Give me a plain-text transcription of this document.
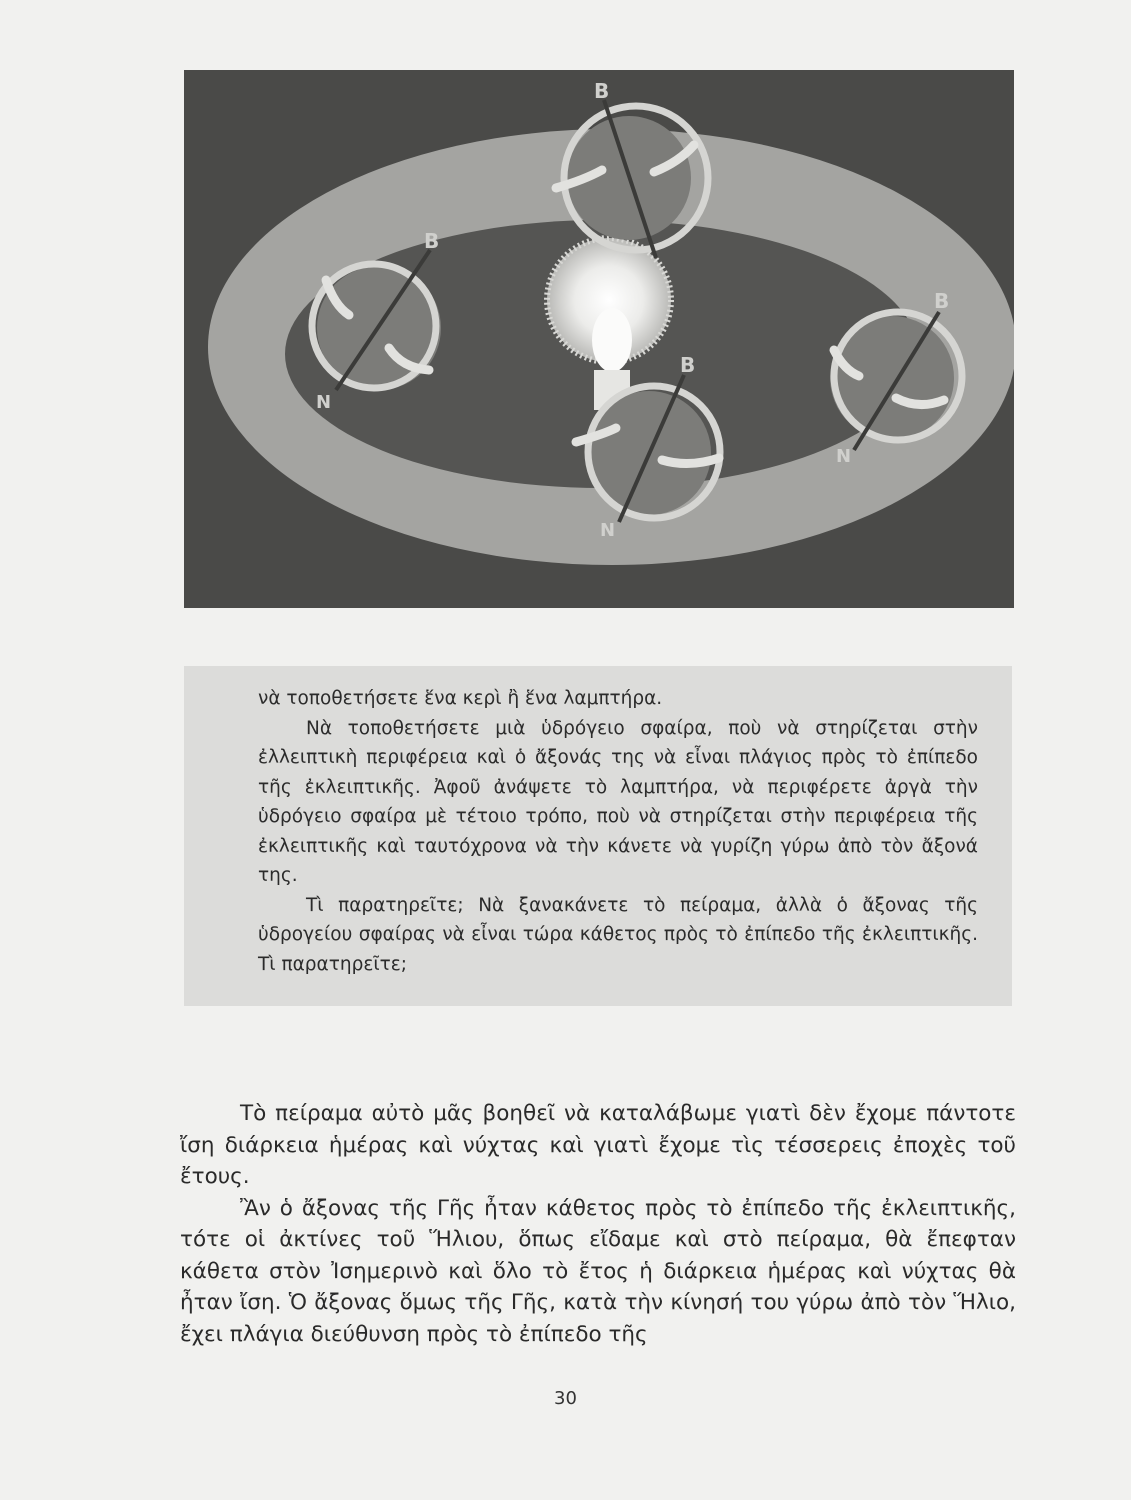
B
B
N
B
N
B
N

νὰ τοποθετήσετε ἕνα κερὶ ἢ ἕνα λαμπτήρα.

Νὰ τοποθετήσετε μιὰ ὑδρόγειο σφαίρα, ποὺ νὰ στηρίζεται στὴν ἐλλειπτικὴ περιφέρεια καὶ ὁ ἄξονάς της νὰ εἶναι πλάγιος πρὸς τὸ ἐπίπεδο τῆς ἐκλειπτικῆς. Ἀφοῦ ἀνάψετε τὸ λαμπτήρα, νὰ περιφέρετε ἀργὰ τὴν ὑδρόγειο σφαίρα μὲ τέτοιο τρόπο, ποὺ νὰ στηρίζεται στὴν περιφέρεια τῆς ἐκλειπτικῆς καὶ ταυτόχρονα νὰ τὴν κάνετε νὰ γυρίζη γύρω ἀπὸ τὸν ἄξονά της.

Τὶ παρατηρεῖτε; Νὰ ξανακάνετε τὸ πείραμα, ἀλλὰ ὁ ἄξονας τῆς ὑδρογείου σφαίρας νὰ εἶναι τώρα κάθετος πρὸς τὸ ἐπίπεδο τῆς ἐκλειπτικῆς. Τὶ παρατηρεῖτε;

Τὸ πείραμα αὐτὸ μᾶς βοηθεῖ νὰ καταλάβωμε γιατὶ δὲν ἔχομε πάντοτε ἴση διάρκεια ἡμέρας καὶ νύχτας καὶ γιατὶ ἔχομε τὶς τέσσερεις ἐποχὲς τοῦ ἔτους.

Ἂν ὁ ἄξονας τῆς Γῆς ἦταν κάθετος πρὸς τὸ ἐπίπεδο τῆς ἐκλειπτικῆς, τότε οἱ ἀκτίνες τοῦ Ἥλιου, ὅπως εἴδαμε καὶ στὸ πείραμα, θὰ ἔπεφταν κάθετα στὸν Ἰσημερινὸ καὶ ὅλο τὸ ἔτος ἡ διάρκεια ἡμέρας καὶ νύχτας θὰ ἦταν ἴση. Ὁ ἄξονας ὅμως τῆς Γῆς, κατὰ τὴν κίνησή του γύρω ἀπὸ τὸν Ἥλιο, ἔχει πλάγια διεύθυνση πρὸς τὸ ἐπίπεδο τῆς

30
